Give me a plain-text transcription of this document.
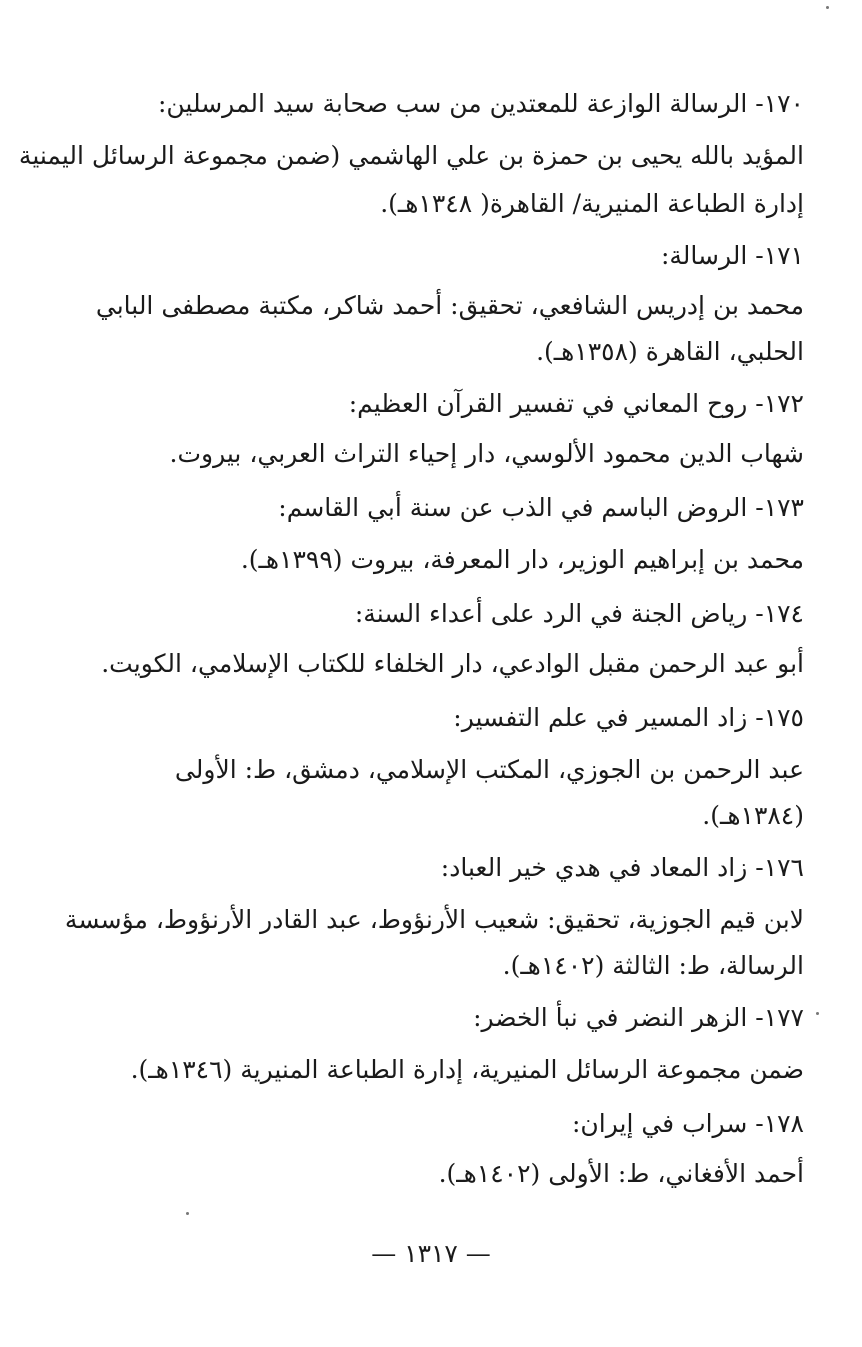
١٧٠- الرسالة الوازعة للمعتدين من سب صحابة سيد المرسلين:
المؤيد بالله يحيى بن حمزة بن علي الهاشمي (ضمن مجموعة الرسائل اليمنية
إدارة الطباعة المنيرية/ القاهرة( ١٣٤٨هـ).
١٧١- الرسالة:
محمد بن إدريس الشافعي، تحقيق: أحمد شاكر، مكتبة مصطفى البابي
الحلبي، القاهرة (١٣٥٨هـ).
١٧٢- روح المعاني في تفسير القرآن العظيم:
شهاب الدين محمود الألوسي، دار إحياء التراث العربي، بيروت.
١٧٣- الروض الباسم في الذب عن سنة أبي القاسم:
محمد بن إبراهيم الوزير، دار المعرفة، بيروت (١٣٩٩هـ).
١٧٤- رياض الجنة في الرد على أعداء السنة:
أبو عبد الرحمن مقبل الوادعي، دار الخلفاء للكتاب الإسلامي، الكويت.
١٧٥- زاد المسير في علم التفسير:
عبد الرحمن بن الجوزي، المكتب الإسلامي، دمشق، ط: الأولى
(١٣٨٤هـ).
١٧٦- زاد المعاد في هدي خير العباد:
لابن قيم الجوزية، تحقيق: شعيب الأرنؤوط، عبد القادر الأرنؤوط، مؤسسة
الرسالة، ط: الثالثة (١٤٠٢هـ).
١٧٧- الزهر النضر في نبأ الخضر:
ضمن مجموعة الرسائل المنيرية، إدارة الطباعة المنيرية (١٣٤٦هـ).
١٧٨- سراب في إيران:
أحمد الأفغاني، ط: الأولى (١٤٠٢هـ).
— ١٣١٧ —
